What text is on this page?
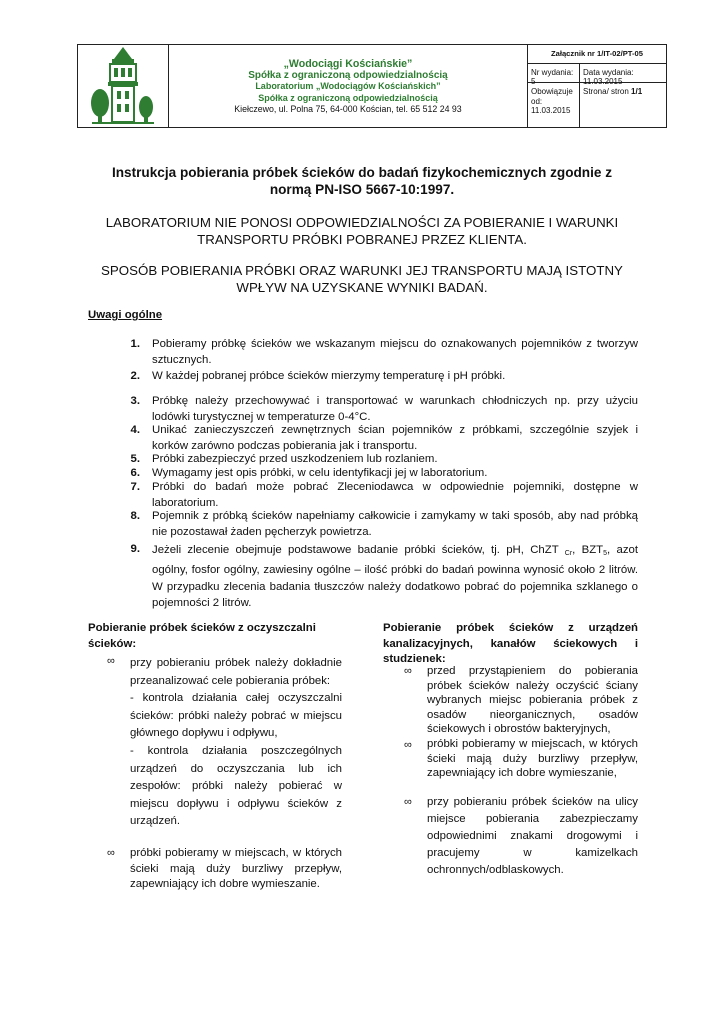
„Wodociągi Kościańskie”
Spółka z ograniczoną odpowiedzialnością
Laboratorium „Wodociągów Kościańskich”
Spółka z ograniczoną odpowiedzialnością
Kiełczewo, ul. Polna 75, 64-000 Kościan, tel. 65 512 24 93
Załącznik nr 1/IT-02/PT-05
Nr wydania: 5
Data wydania: 11.03.2015
Obowiązuje od:
11.03.2015
Strona/ stron 1/1
Instrukcja pobierania próbek ścieków do badań fizykochemicznych zgodnie z
normą PN-ISO 5667-10:1997.
LABORATORIUM NIE PONOSI ODPOWIEDZIALNOŚCI ZA POBIERANIE I WARUNKI
TRANSPORTU PRÓBKI POBRANEJ PRZEZ KLIENTA.
SPOSÓB POBIERANIA PRÓBKI ORAZ WARUNKI JEJ TRANSPORTU MAJĄ ISTOTNY
WPŁYW NA UZYSKANE WYNIKI BADAŃ.
Uwagi ogólne
1. Pobieramy próbkę ścieków we wskazanym miejscu do oznakowanych pojemników z tworzyw sztucznych.
2. W każdej pobranej próbce ścieków mierzymy temperaturę i pH próbki.
3. Próbkę należy przechowywać i transportować w warunkach chłodniczych np. przy użyciu lodówki turystycznej w temperaturze 0-4°C.
4. Unikać zanieczyszczeń zewnętrznych ścian pojemników z próbkami, szczególnie szyjek i korków zarówno podczas pobierania jak i transportu.
5. Próbki zabezpieczyć przed uszkodzeniem lub rozlaniem.
6. Wymagamy jest opis próbki, w celu identyfikacji jej w laboratorium.
7. Próbki do badań może pobrać Zleceniodawca w odpowiednie pojemniki, dostępne w laboratorium.
8. Pojemnik z próbką ścieków napełniamy całkowicie i zamykamy w taki sposób, aby nad próbką nie pozostawał żaden pęcherzyk powietrza.
9. Jeżeli zlecenie obejmuje podstawowe badanie próbki ścieków, tj. pH, ChZT $_{Cr}$, $BZT_5$, azot ogólny, fosfor ogólny, zawiesiny ogólne – ilość próbki do badań powinna wynosić około 2 litrów. W przypadku zlecenia badania tłuszczów należy dodatkowo pobrać do pojemnika szklanego o pojemności 2 litrów.
Pobieranie próbek ścieków z oczyszczalni
ścieków:
∞ przy pobieraniu próbek należy dokładnie przeanalizować cele pobierania próbek:
- kontrola działania całej oczyszczalni ścieków: próbki należy pobrać w miejscu głównego dopływu i odpływu,
- kontrola działania poszczególnych urządzeń do oczyszczania lub ich zespołów: próbki należy pobierać w miejscu dopływu i odpływu ścieków z urządzeń.
∞ próbki pobieramy w miejscach, w których ścieki mają duży burzliwy przepływ, zapewniający ich dobre wymieszanie.
Pobieranie próbek ścieków z urządzeń kanalizacyjnych, kanałów ściekowych i studzienek:
∞ przed przystąpieniem do pobierania próbek ścieków należy oczyścić ściany wybranych miejsc pobierania próbek z osadów nieorganicznych, osadów ściekowych i obrostów bakteryjnych,
∞ próbki pobieramy w miejscach, w których ścieki mają duży burzliwy przepływ, zapewniający ich dobre wymieszanie,
∞ przy pobieraniu próbek ścieków na ulicy miejsce pobierania zabezpieczamy odpowiednimi znakami drogowymi i pracujemy w kamizelkach ochronnych/odblaskowych.
